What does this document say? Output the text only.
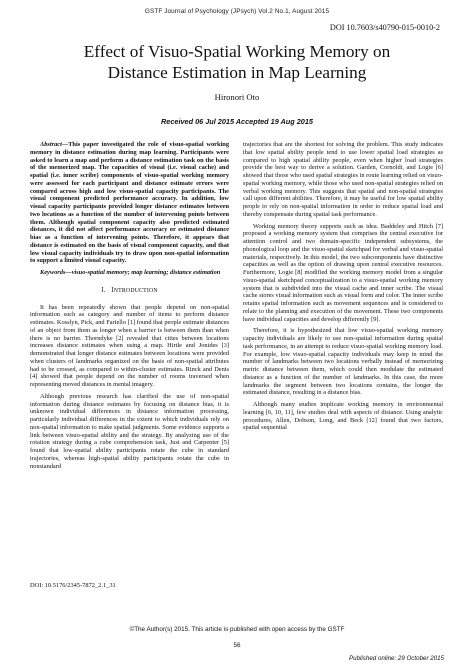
GSTF Journal of Psychology (JPsych) Vol.2 No.1, August 2015
DOI 10.7603/s40790-015-0010-2
Effect of Visuo-Spatial Working Memory on
Distance Estimation in Map Learning
Hironori Oto
Received 06 Jul 2015 Accepted 19 Aug 2015

Abstract—This paper investigated the role of visuo-spatial working memory in distance estimation during map learning. Participants were asked to learn a map and perform a distance estimation task on the basis of the memorized map. The capacities of visual (i.e. visual cache) and spatial (i.e. inner scribe) components of visuo-spatial working memory were assessed for each participant and distance estimate errors were compared across high and low visuo-spatial capacity participants. The visual component predicted performance accuracy. In addition, low visual capacity participants provided longer distance estimates between two locations as a function of the number of intervening points between them. Although spatial component capacity also predicted estimated distances, it did not affect performance accuracy or estimated distance bias as a function of intervening points. Therefore, it appears that distance is estimated on the basis of visual component capacity, and that low visual capacity individuals try to draw upon non-spatial information to support a limited visual capacity.

Keywords—visuo-spatial memory; map learning; distance estimation

I. INTRODUCTION

It has been repeatedly shown that people depend on non-spatial information such as category and number of items to perform distance estimates. Kosslyn, Pick, and Fariello [1] found that people estimate distances of an object from them as longer when a barrier is between them than when there is no barrier. Thorndyke [2] revealed that cities between locations increases distance estimates when using a map. Hirtle and Jonides [3] demonstrated that longer distance estimates between locations were provided when clusters of landmarks organized on the basis of non-spatial attributes had to be crossed, as compared to within-cluster estimates. Rinck and Denis [4] showed that people depend on the number of rooms traversed when representing moved distances in mental imagery.

Although previous research has clarified the use of non-spatial information during distance estimates by focusing on distance bias, it is unknown individual differences in distance information processing, particularly individual differences in the extent to which individuals rely on non-spatial information to make spatial judgments. Some evidence supports a link between visuo-spatial ability and the strategy. By analyzing use of the rotation strategy during a cube comprehension task, Just and Carpenter [5] found that low-spatial ability participants rotate the cube in standard trajectories, whereas high-spatial ability participants rotate the cube in nonstandard

trajectories that are the shortest for solving the problem. This study indicates that low spatial ability people tend to use lower spatial load strategies as compared to high spatial ability people, even when higher load strategies provide the best way to derive a solution. Garden, Cornoldi, and Logie [6] showed that those who used spatial strategies in route learning relied on visuo-spatial working memory, while those who used non-spatial strategies relied on verbal working memory. This suggests that spatial and non-spatial strategies call upon different abilities. Therefore, it may be useful for low spatial ability people to rely on non-spatial information in order to reduce spatial load and thereby compensate during spatial task performance.

Working memory theory supports such as idea. Baddeley and Hitch [7] proposed a working memory system that comprises the central executive for attention control and two domain-specific independent subsystems, the phonological loop and the visuo-spatial sketchpad for verbal and visuo-spatial materials, respectively. In this model, the two subcomponents have distinctive capacities as well as the option of drawing upon central executive resources. Furthermore, Logie [8] modified the working memory model from a singular visuo-spatial sketchpad conceptualization to a visuo-spatial working memory system that is subdivided into the visual cache and inner scribe. The visual cache stores visual information such as visual form and color. The inner scribe retains spatial information such as movement sequences and is considered to relate to the planning and execution of the movement. These two components have individual capacities and develop differently [9].

Therefore, it is hypothesized that low visuo-spatial working memory capacity individuals are likely to use non-spatial information during spatial task performance, in an attempt to reduce visuo-spatial working memory load. For example, low visuo-spatial capacity individuals may keep in mind the number of landmarks between two locations verbally instead of memorizing metric distance between them, which could then modulate the estimated distance as a function of the number of landmarks. In this case, the more landmarks the segment between two locations contains, the longer the estimated distance, resulting in a distance bias.

Although many studies implicate working memory in environmental learning [6, 10, 11], few studies deal with aspects of distance. Using analytic procedures, Allen, Dobson, Long, and Beck [12] found that two factors, spatial sequential

DOI: 10.5176/2345-7872_2.1_31
©The Author(s) 2015. This article is published with open access by the GSTF
56
Published online: 29 October 2015
